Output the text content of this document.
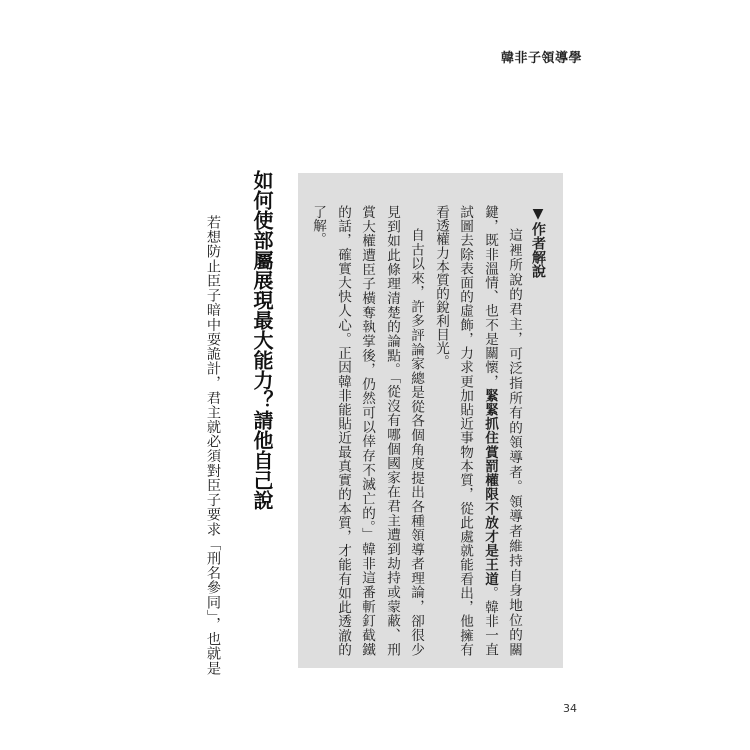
韓非子領導學
▼作者解說
這裡所說的君主，可泛指所有的領導者。領導者維持自身地位的關
鍵，既非溫情、也不是關懷，緊緊抓住賞罰權限不放才是王道。韓非一直
試圖去除表面的虛飾，力求更加貼近事物本質，從此處就能看出，他擁有
看透權力本質的銳利目光。
自古以來，許多評論家總是從各個角度提出各種領導者理論，卻很少
見到如此條理清楚的論點。「從沒有哪個國家在君主遭到劫持或蒙蔽、刑
賞大權遭臣子橫奪執掌後，仍然可以倖存不滅亡的。」韓非這番斬釘截鐵
的話，確實大快人心。正因韓非能貼近最真實的本質，才能有如此透澈的
了解。
如何使部屬展現最大能力？請他自己說
若想防止臣子暗中耍詭計，君主就必須對臣子要求「刑名參同」，也就是
34
